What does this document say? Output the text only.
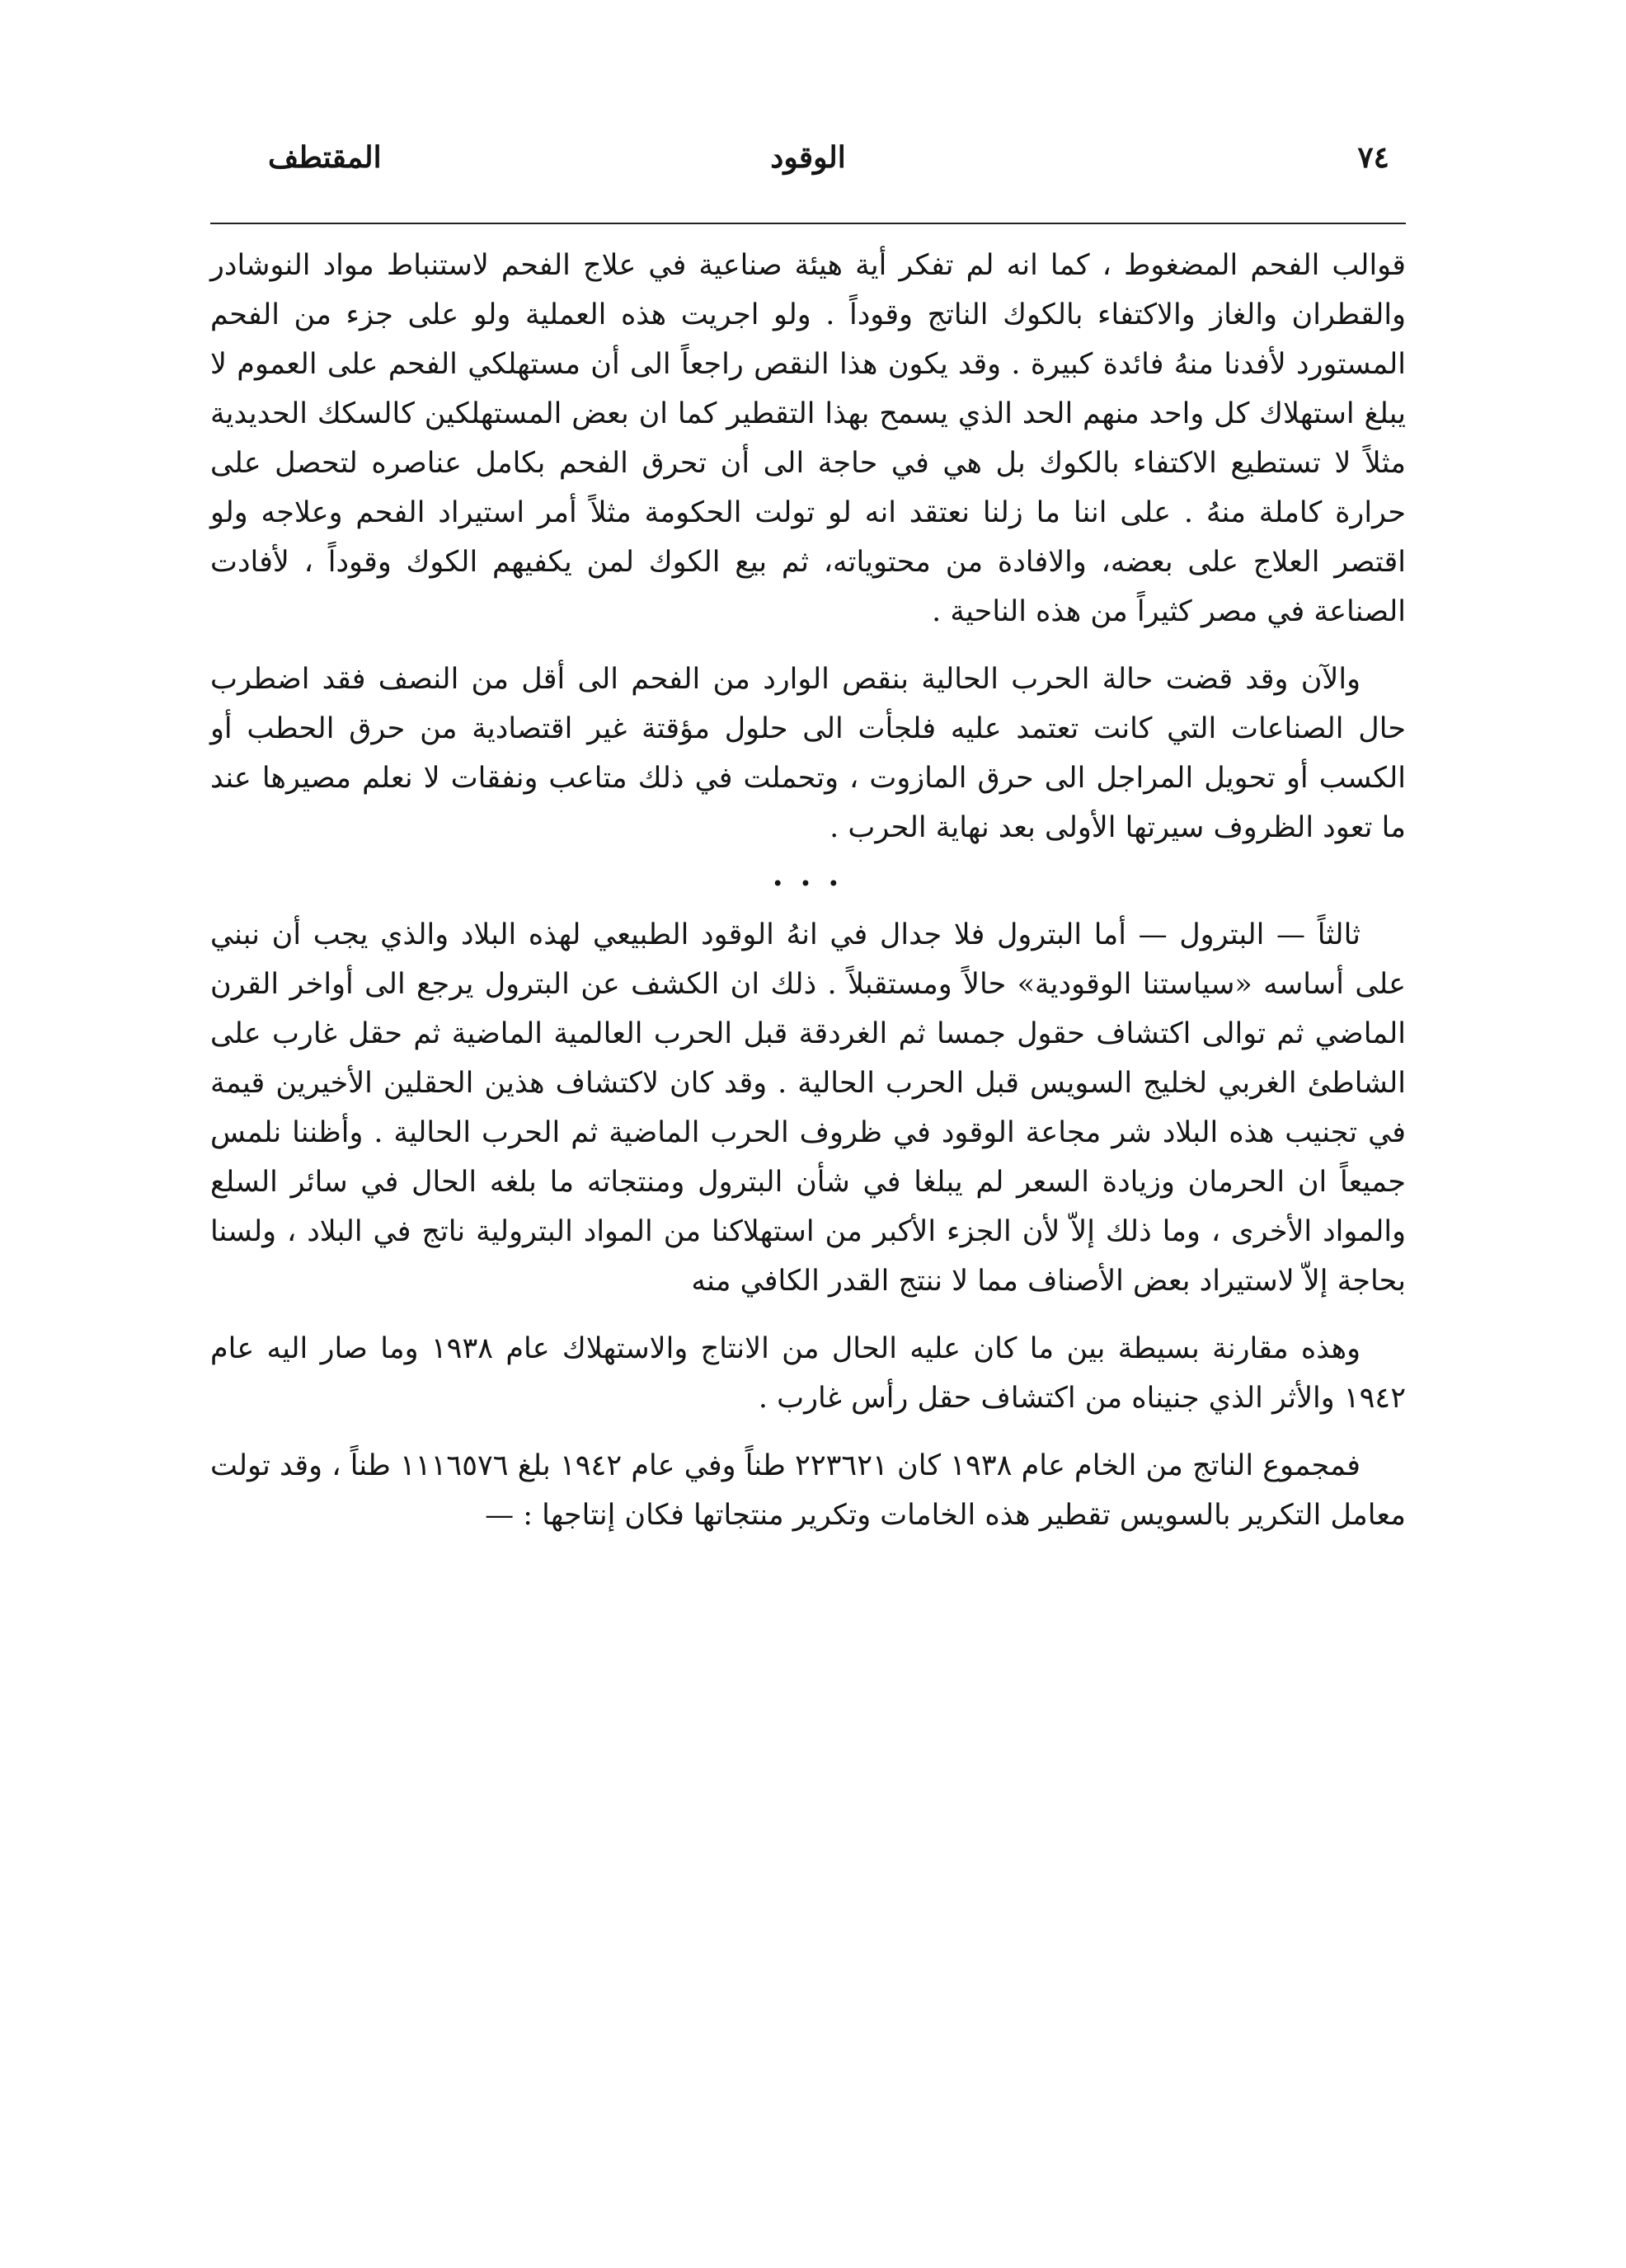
٧٤
الوقود
المقتطف

قوالب الفحم المضغوط ، كما انه لم تفكر أية هيئة صناعية في علاج الفحم لاستنباط مواد النوشادر والقطران والغاز والاكتفاء بالكوك الناتج وقوداً . ولو اجريت هذه العملية ولو على جزء من الفحم المستورد لأفدنا منهُ فائدة كبيرة . وقد يكون هذا النقص راجعاً الى أن مستهلكي الفحم على العموم لا يبلغ استهلاك كل واحد منهم الحد الذي يسمح بهذا التقطير كما ان بعض المستهلكين كالسكك الحديدية مثلاً لا تستطيع الاكتفاء بالكوك بل هي في حاجة الى أن تحرق الفحم بكامل عناصره لتحصل على حرارة كاملة منهُ . على اننا ما زلنا نعتقد انه لو تولت الحكومة مثلاً أمر استيراد الفحم وعلاجه ولو اقتصر العلاج على بعضه، والافادة من محتوياته، ثم بيع الكوك لمن يكفيهم الكوك وقوداً ، لأفادت الصناعة في مصر كثيراً من هذه الناحية .

والآن وقد قضت حالة الحرب الحالية بنقص الوارد من الفحم الى أقل من النصف فقد اضطرب حال الصناعات التي كانت تعتمد عليه فلجأت الى حلول مؤقتة غير اقتصادية من حرق الحطب أو الكسب أو تحويل المراجل الى حرق المازوت ، وتحملت في ذلك متاعب ونفقات لا نعلم مصيرها عند ما تعود الظروف سيرتها الأولى بعد نهاية الحرب .

• • •

ثالثاً — البترول — أما البترول فلا جدال في انهُ الوقود الطبيعي لهذه البلاد والذي يجب أن نبني على أساسه «سياستنا الوقودية» حالاً ومستقبلاً . ذلك ان الكشف عن البترول يرجع الى أواخر القرن الماضي ثم توالى اكتشاف حقول جمسا ثم الغردقة قبل الحرب العالمية الماضية ثم حقل غارب على الشاطئ الغربي لخليج السويس قبل الحرب الحالية . وقد كان لاكتشاف هذين الحقلين الأخيرين قيمة في تجنيب هذه البلاد شر مجاعة الوقود في ظروف الحرب الماضية ثم الحرب الحالية . وأظننا نلمس جميعاً ان الحرمان وزيادة السعر لم يبلغا في شأن البترول ومنتجاته ما بلغه الحال في سائر السلع والمواد الأخرى ، وما ذلك إلاّ لأن الجزء الأكبر من استهلاكنا من المواد البترولية ناتج في البلاد ، ولسنا بحاجة إلاّ لاستيراد بعض الأصناف مما لا ننتج القدر الكافي منه

وهذه مقارنة بسيطة بين ما كان عليه الحال من الانتاج والاستهلاك عام ١٩٣٨ وما صار اليه عام ١٩٤٢ والأثر الذي جنيناه من اكتشاف حقل رأس غارب .

فمجموع الناتج من الخام عام ١٩٣٨ كان ٢٢٣٦٢١ طناً وفي عام ١٩٤٢ بلغ ١١١٦٥٧٦ طناً ، وقد تولت معامل التكرير بالسويس تقطير هذه الخامات وتكرير منتجاتها فكان إنتاجها : —
